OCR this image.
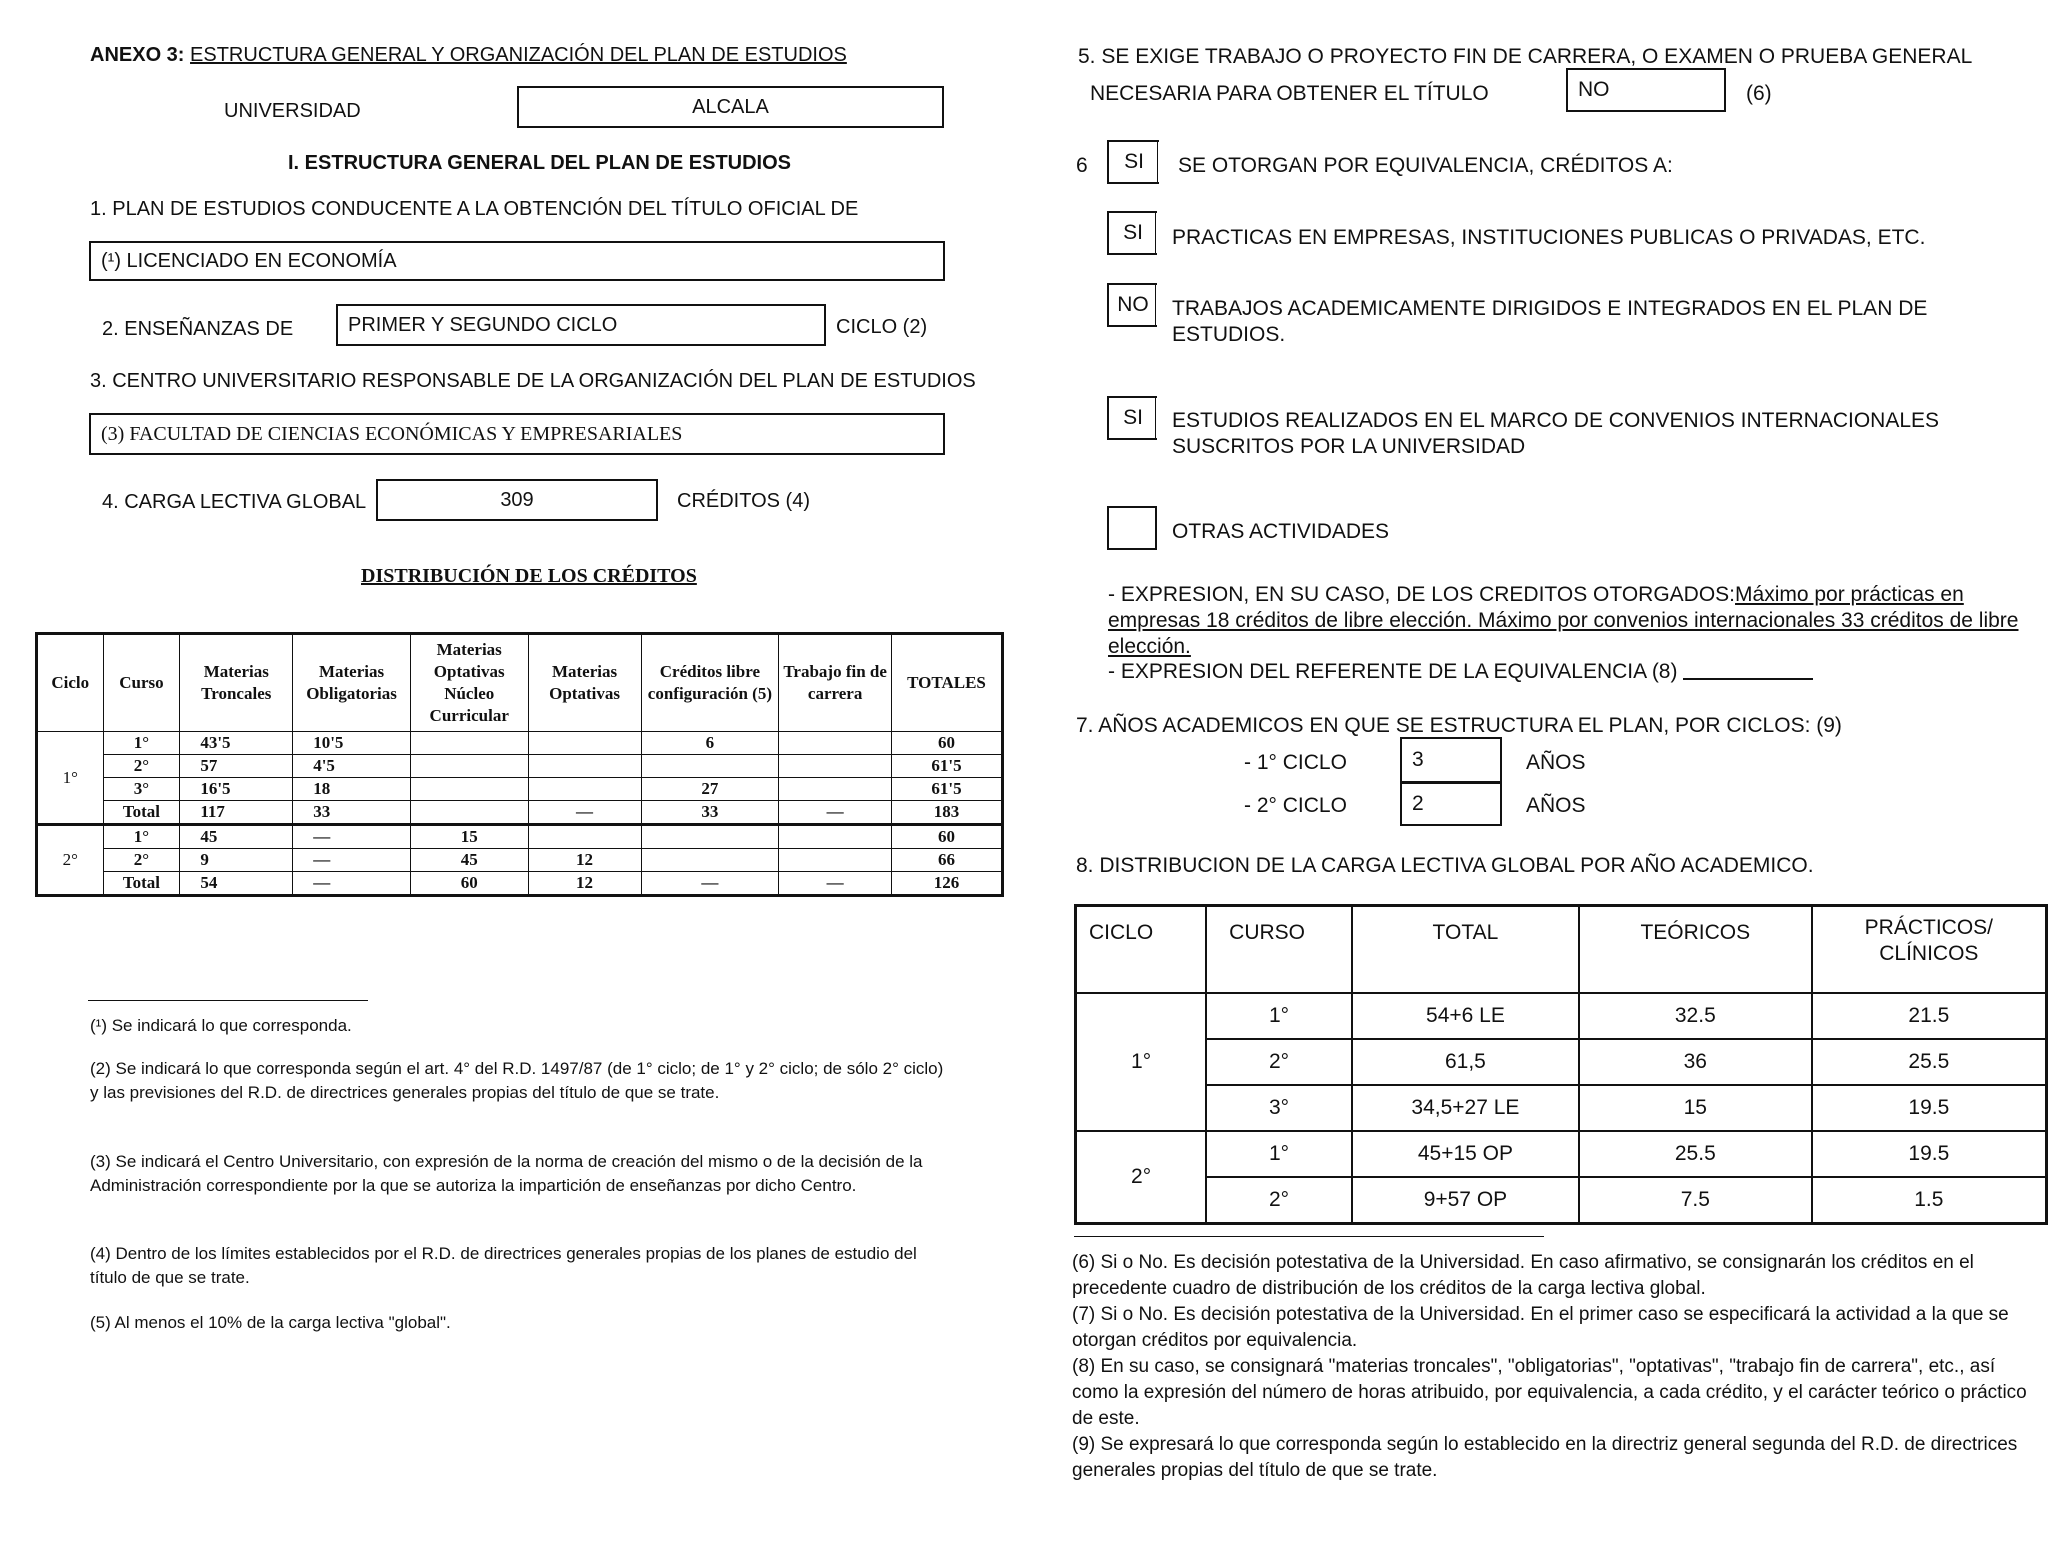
ANEXO 3: ESTRUCTURA GENERAL Y ORGANIZACIÓN DEL PLAN DE ESTUDIOS
UNIVERSIDAD	ALCALA
I. ESTRUCTURA GENERAL DEL PLAN DE ESTUDIOS
1. PLAN DE ESTUDIOS CONDUCENTE A LA OBTENCIÓN DEL TÍTULO OFICIAL DE
(¹) LICENCIADO EN ECONOMÍA
2. ENSEÑANZAS DE	PRIMER Y SEGUNDO CICLO	CICLO (2)
3. CENTRO UNIVERSITARIO RESPONSABLE DE LA ORGANIZACIÓN DEL PLAN DE ESTUDIOS
(3) FACULTAD DE CIENCIAS ECONÓMICAS Y EMPRESARIALES
4. CARGA LECTIVA GLOBAL	309	CRÉDITOS (4)
DISTRIBUCIÓN DE LOS CRÉDITOS
Ciclo	Curso	Materias Troncales	Materias Obligatorias	Materias Optativas Núcleo Curricular	Materias Optativas	Créditos libre configuración (5)	Trabajo fin de carrera	TOTALES
1°	1°	43'5	10'5			6		60
	2°	57	4'5					61'5
	3°	16'5	18			27		61'5
	Total	117	33		—	33	—	183
2°	1°	45	—	15				60
	2°	9	—	45	12			66
	Total	54	—	60	12	—	—	126
(¹) Se indicará lo que corresponda.
(2) Se indicará lo que corresponda según el art. 4° del R.D. 1497/87 (de 1° ciclo; de 1° y 2° ciclo; de sólo 2° ciclo) y las previsiones del R.D. de directrices generales propias del título de que se trate.
(3) Se indicará el Centro Universitario, con expresión de la norma de creación del mismo o de la decisión de la Administración correspondiente por la que se autoriza la impartición de enseñanzas por dicho Centro.
(4) Dentro de los límites establecidos por el R.D. de directrices generales propias de los planes de estudio del título de que se trate.
(5) Al menos el 10% de la carga lectiva "global".
5. SE EXIGE TRABAJO O PROYECTO FIN DE CARRERA, O EXAMEN O PRUEBA GENERAL
NECESARIA PARA OBTENER EL TÍTULO	NO	(6)
6 SI SE OTORGAN POR EQUIVALENCIA, CRÉDITOS A:
SI PRACTICAS EN EMPRESAS, INSTITUCIONES PUBLICAS O PRIVADAS, ETC.
NO TRABAJOS ACADEMICAMENTE DIRIGIDOS E INTEGRADOS EN EL PLAN DE ESTUDIOS.
SI ESTUDIOS REALIZADOS EN EL MARCO DE CONVENIOS INTERNACIONALES SUSCRITOS POR LA UNIVERSIDAD
OTRAS ACTIVIDADES
- EXPRESION, EN SU CASO, DE LOS CREDITOS OTORGADOS:Máximo por prácticas en empresas 18 créditos de libre elección. Máximo por convenios internacionales 33 créditos de libre elección.
- EXPRESION DEL REFERENTE DE LA EQUIVALENCIA (8)
7. AÑOS ACADEMICOS EN QUE SE ESTRUCTURA EL PLAN, POR CICLOS: (9)
- 1° CICLO	3	AÑOS
- 2° CICLO	2	AÑOS
8. DISTRIBUCION DE LA CARGA LECTIVA GLOBAL POR AÑO ACADEMICO.
CICLO	CURSO	TOTAL	TEÓRICOS	PRÁCTICOS/ CLÍNICOS
1°	1°	54+6 LE	32.5	21.5
	2°	61,5	36	25.5
	3°	34,5+27 LE	15	19.5
2°	1°	45+15 OP	25.5	19.5
	2°	9+57 OP	7.5	1.5
(6) Si o No. Es decisión potestativa de la Universidad. En caso afirmativo, se consignarán los créditos en el precedente cuadro de distribución de los créditos de la carga lectiva global.
(7) Si o No. Es decisión potestativa de la Universidad. En el primer caso se especificará la actividad a la que se otorgan créditos por equivalencia.
(8) En su caso, se consignará "materias troncales", "obligatorias", "optativas", "trabajo fin de carrera", etc., así como la expresión del número de horas atribuido, por equivalencia, a cada crédito, y el carácter teórico o práctico de este.
(9) Se expresará lo que corresponda según lo establecido en la directriz general segunda del R.D. de directrices generales propias del título de que se trate.
